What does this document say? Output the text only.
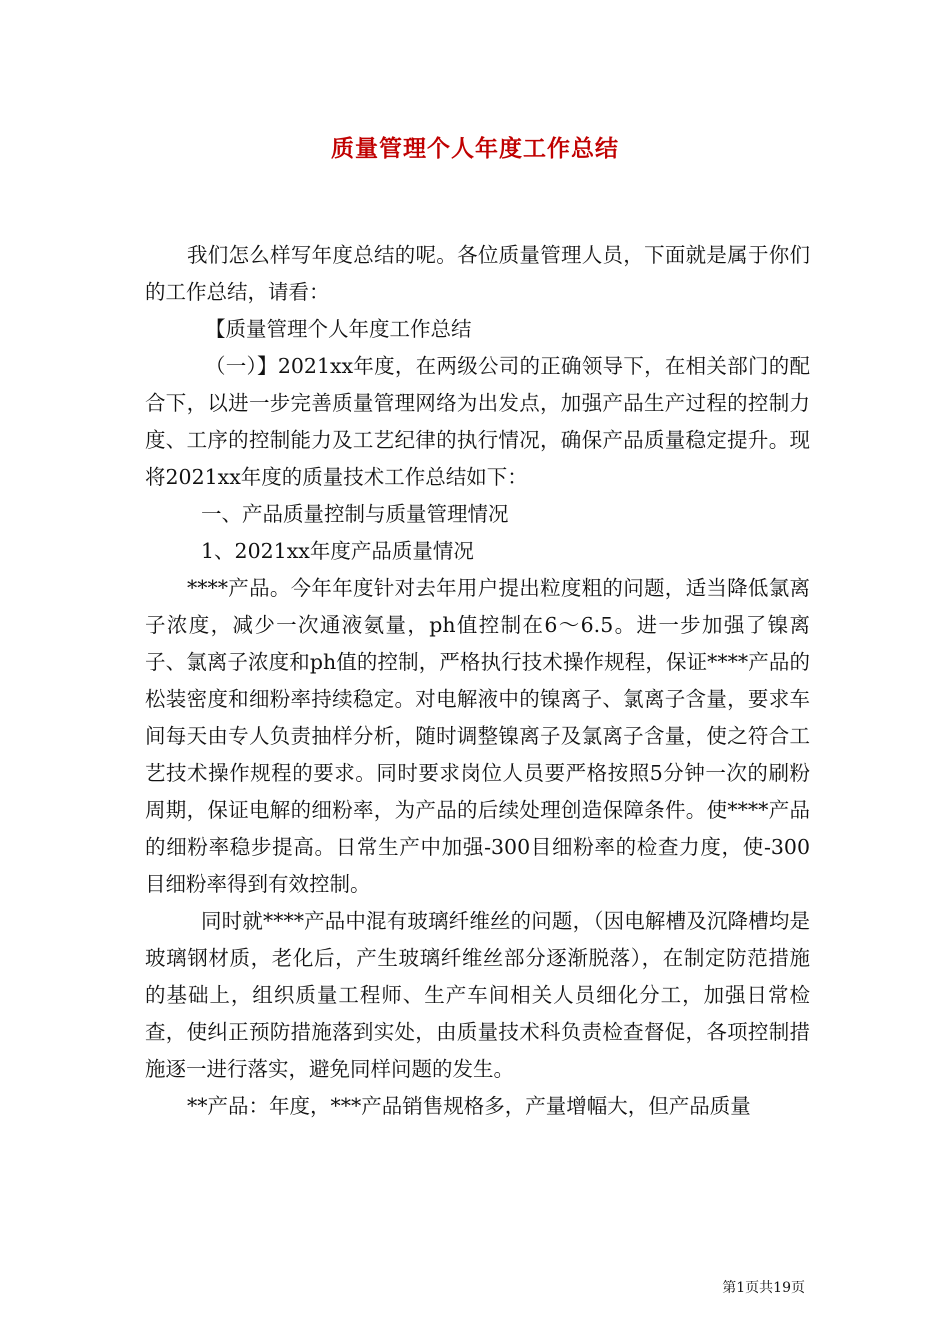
质量管理个人年度工作总结

我们怎么样写年度总结的呢。各位质量管理人员，下面就是属于你们的工作总结，请看：

【质量管理个人年度工作总结

（一）】2021xx年度，在两级公司的正确领导下，在相关部门的配合下，以进一步完善质量管理网络为出发点，加强产品生产过程的控制力度、工序的控制能力及工艺纪律的执行情况，确保产品质量稳定提升。现将2021xx年度的质量技术工作总结如下：

一、产品质量控制与质量管理情况

1、2021xx年度产品质量情况

****产品。今年年度针对去年用户提出粒度粗的问题，适当降低氯离子浓度，减少一次通液氨量，ph值控制在6～6.5。进一步加强了镍离子、氯离子浓度和ph值的控制，严格执行技术操作规程，保证****产品的松装密度和细粉率持续稳定。对电解液中的镍离子、氯离子含量，要求车间每天由专人负责抽样分析，随时调整镍离子及氯离子含量，使之符合工艺技术操作规程的要求。同时要求岗位人员要严格按照5分钟一次的刷粉周期，保证电解的细粉率，为产品的后续处理创造保障条件。使****产品的细粉率稳步提高。日常生产中加强-300目细粉率的检查力度，使-300目细粉率得到有效控制。

同时就****产品中混有玻璃纤维丝的问题，（因电解槽及沉降槽均是玻璃钢材质，老化后，产生玻璃纤维丝部分逐渐脱落），在制定防范措施的基础上，组织质量工程师、生产车间相关人员细化分工，加强日常检查，使纠正预防措施落到实处，由质量技术科负责检查督促，各项控制措施逐一进行落实，避免同样问题的发生。

**产品：年度，***产品销售规格多，产量增幅大，但产品质量

第1页共19页
